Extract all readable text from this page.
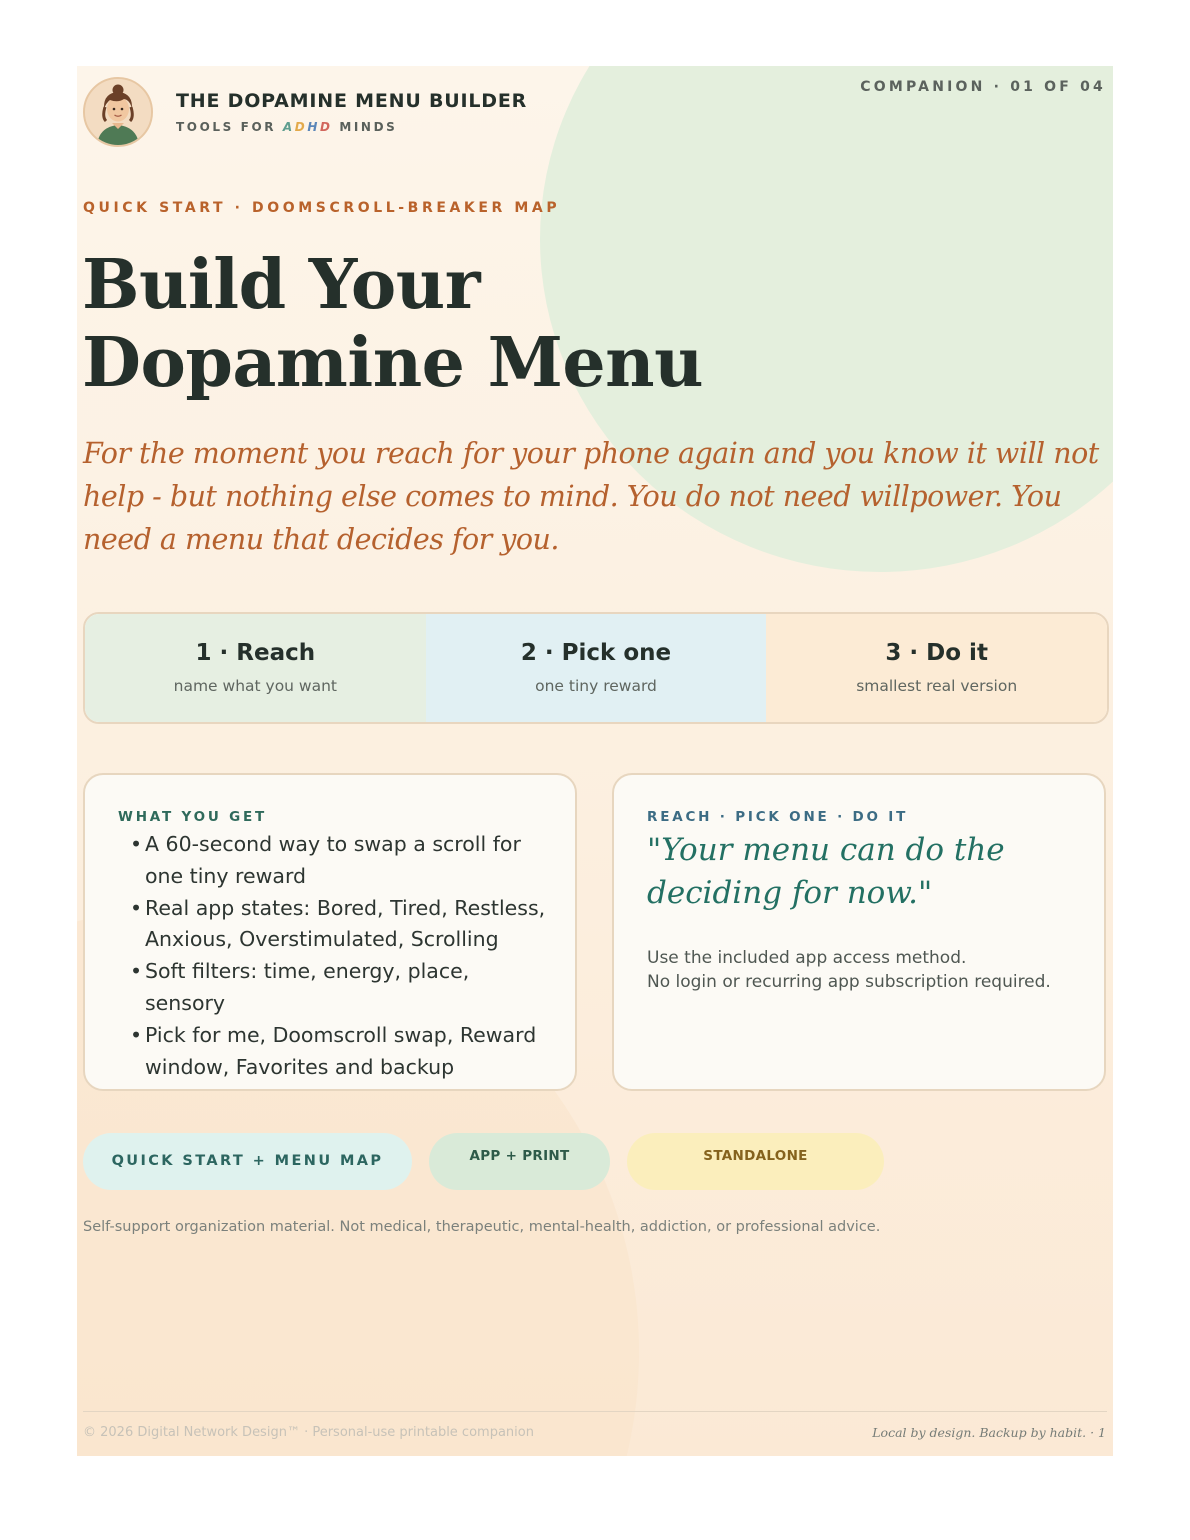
THE DOPAMINE MENU BUILDER
TOOLS FOR ADHD MINDS
COMPANION · 01 OF 04
QUICK START · DOOMSCROLL-BREAKER MAP
Build Your
Dopamine Menu
For the moment you reach for your phone again and you know it will not help - but nothing else comes to mind. You do not need willpower. You need a menu that decides for you.
1 · Reach
name what you want
2 · Pick one
one tiny reward
3 · Do it
smallest real version
WHAT YOU GET
• A 60-second way to swap a scroll for one tiny reward
• Real app states: Bored, Tired, Restless, Anxious, Overstimulated, Scrolling
• Soft filters: time, energy, place, sensory
• Pick for me, Doomscroll swap, Reward window, Favorites and backup
REACH · PICK ONE · DO IT
"Your menu can do the deciding for now."
Use the included app access method.
No login or recurring app subscription required.
QUICK START + MENU MAP	APP + PRINT	STANDALONE
Self-support organization material. Not medical, therapeutic, mental-health, addiction, or professional advice.
© 2026 Digital Network Design™ · Personal-use printable companion	Local by design. Backup by habit. · 1
